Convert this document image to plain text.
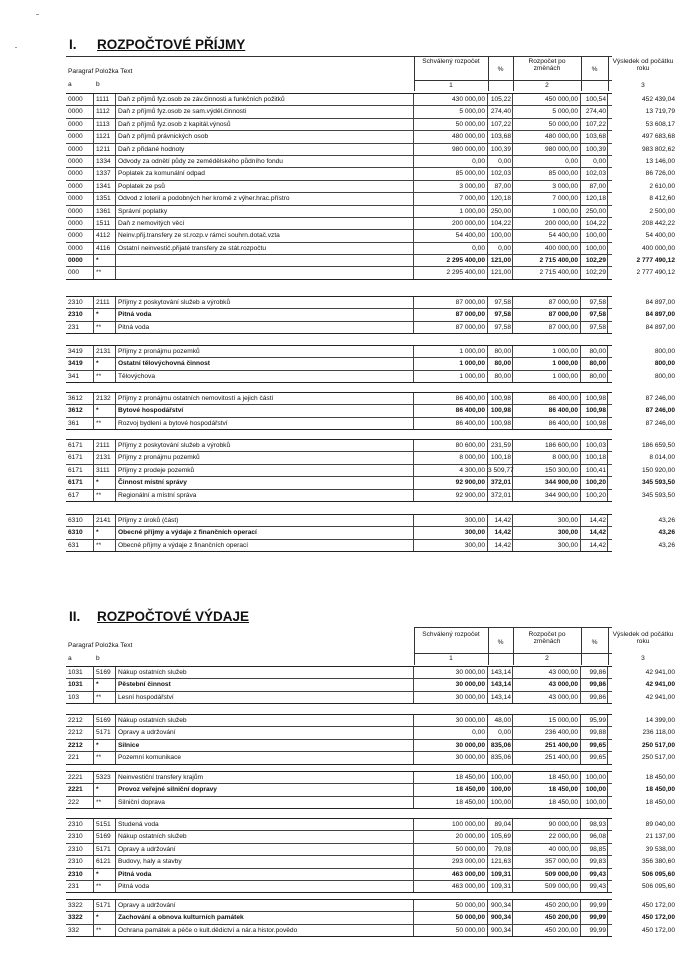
I. ROZPOČTOVÉ PŘÍJMY
Paragraf Položka Text
a	b
Schválený rozpočet
%
Rozpočet po změnách	%
Výsledek od počátku roku
1	2	3
0000	1111	Daň z příjmů fyz.osob ze záv.činnosti a funkčních požitků	430 000,00 105,22	450 000,00	100,54	452 439,04
0000	1112	Daň z příjmů fyz.osob ze sam.výděl.činnosti	5 000,00 274,40	5 000,00	274,40	13 719,79
0000	1113	Daň z příjmů fyz.osob z kapitál.výnosů	50 000,00 107,22	50 000,00	107,22	53 608,17
0000	1121	Daň z příjmů právnických osob	480 000,00 103,68	480 000,00	103,68	497 683,68
0000	1211	Daň z přidané hodnoty	980 000,00 100,39	980 000,00	100,39	983 802,62
0000	1334	Odvody za odnětí půdy ze zemědělského půdního fondu	0,00	0,00	0,00	0,00	13 146,00
0000	1337	Poplatek za komunální odpad	85 000,00 102,03	85 000,00	102,03	86 726,00
0000	1341	Poplatek ze psů	3 000,00	87,00	3 000,00	87,00	2 610,00
0000	1351	Odvod z loterií a podobných her kromě z výher.hrac.přístro	7 000,00 120,18	7 000,00	120,18	8 412,60
0000	1361	Správní poplatky	1 000,00 250,00	1 000,00	250,00	2 500,00
0000	1511	Daň z nemovitých věcí	200 000,00 104,22	200 000,00	104,22	208 442,22
0000	4112	Neinv.přij.transfery ze st.rozp.v rámci souhrn.dotač.vzta	54 400,00 100,00	54 400,00	100,00	54 400,00
0000	4116	Ostatní neinvestič.přijaté transfery ze stát.rozpočtu	0,00	0,00	400 000,00	100,00	400 000,00
0000	*	2 295 400,00 121,00	2 715 400,00	102,29	2 777 490,12
000	**	2 295 400,00 121,00	2 715 400,00	102,29	2 777 490,12
2310	2111	Příjmy z poskytování služeb a výrobků	87 000,00	97,58	87 000,00	97,58	84 897,00
2310	*	Pitná voda	87 000,00	97,58	87 000,00	97,58	84 897,00
231	**	Pitná voda	87 000,00	97,58	87 000,00	97,58	84 897,00
3419	2131	Příjmy z pronájmu pozemků	1 000,00	80,00	1 000,00	80,00	800,00
3419	*	Ostatní tělovýchovná činnost	1 000,00	80,00	1 000,00	80,00	800,00
341	**	Tělovýchova	1 000,00	80,00	1 000,00	80,00	800,00
3612	2132	Příjmy z pronájmu ostatních nemovitostí a jejich částí	86 400,00 100,98	86 400,00	100,98	87 246,00
3612	*	Bytové hospodářství	86 400,00 100,98	86 400,00	100,98	87 246,00
361	**	Rozvoj bydlení a bytové hospodářství	86 400,00 100,98	86 400,00	100,98	87 246,00
6171	2111	Příjmy z poskytování služeb a výrobků	80 600,00 231,59	186 600,00	100,03	186 659,50
6171	2131	Příjmy z pronájmu pozemků	8 000,00 100,18	8 000,00	100,18	8 014,00
6171	3111	Příjmy z prodeje pozemků	4 300,00 3 509,77	150 300,00	100,41	150 920,00
6171	*	Činnost místní správy	92 900,00 372,01	344 900,00	100,20	345 593,50
617	**	Regionální a místní správa	92 900,00 372,01	344 900,00	100,20	345 593,50
6310	2141	Příjmy z úroků (část)	300,00	14,42	300,00	14,42	43,26
6310	*	Obecné příjmy a výdaje z finančních operací	300,00	14,42	300,00	14,42	43,26
631	**	Obecné příjmy a výdaje z finančních operací	300,00	14,42	300,00	14,42	43,26
II. ROZPOČTOVÉ VÝDAJE
Paragraf Položka Text
a	b
Schválený rozpočet
%
Rozpočet po změnách	%
Výsledek od počátku roku
1	2	3
1031	5169	Nákup ostatních služeb	30 000,00 143,14	43 000,00	99,86	42 941,00
1031	*	Pěstební činnost	30 000,00 143,14	43 000,00	99,86	42 941,00
103	**	Lesní hospodářství	30 000,00 143,14	43 000,00	99,86	42 941,00
2212	5169	Nákup ostatních služeb	30 000,00	48,00	15 000,00	95,99	14 399,00
2212	5171	Opravy a udržování	0,00	0,00	236 400,00	99,88	236 118,00
2212	*	Silnice	30 000,00 835,06	251 400,00	99,65	250 517,00
221	**	Pozemní komunikace	30 000,00 835,06	251 400,00	99,65	250 517,00
2221	5323	Neinvestiční transfery krajům	18 450,00 100,00	18 450,00	100,00	18 450,00
2221	*	Provoz veřejné silniční dopravy	18 450,00 100,00	18 450,00	100,00	18 450,00
222	**	Silniční doprava	18 450,00 100,00	18 450,00	100,00	18 450,00
2310	5151	Studená voda	100 000,00	89,04	90 000,00	98,93	89 040,00
2310	5169	Nákup ostatních služeb	20 000,00 105,69	22 000,00	96,08	21 137,00
2310	5171	Opravy a udržování	50 000,00	79,08	40 000,00	98,85	39 538,00
2310	6121	Budovy, haly a stavby	293 000,00 121,63	357 000,00	99,83	356 380,60
2310	*	Pitná voda	463 000,00 109,31	509 000,00	99,43	506 095,60
231	**	Pitná voda	463 000,00 109,31	509 000,00	99,43	506 095,60
3322	5171	Opravy a udržování	50 000,00 900,34	450 200,00	99,99	450 172,00
3322	*	Zachování a obnova kulturních památek	50 000,00 900,34	450 200,00	99,99	450 172,00
332	**	Ochrana památek a péče o kult.dědictví a nár.a histor.povědo	50 000,00 900,34	450 200,00	99,99	450 172,00
